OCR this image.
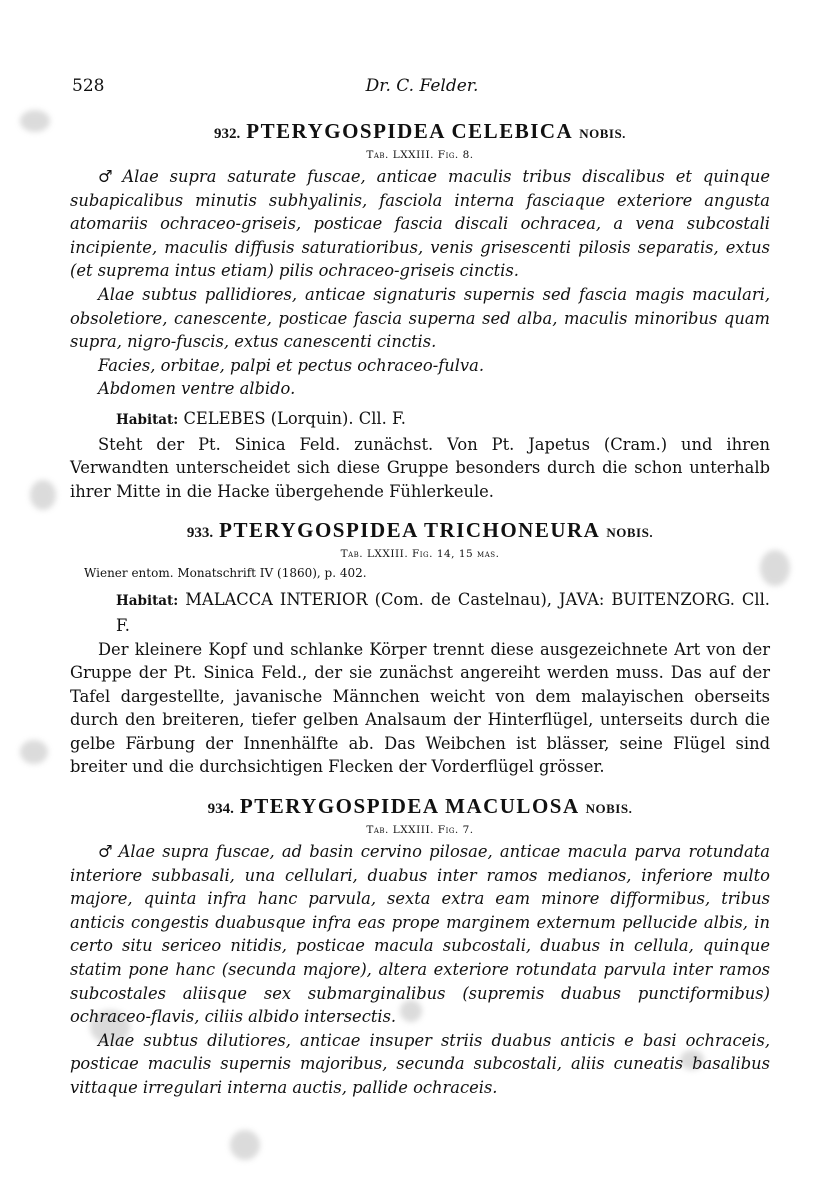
528	Dr. C. Felder.
932. PTERYGOSPIDEA CELEBICA NOBIS.
Tab. LXXIII. Fig. 8.

♂ Alae supra saturate fuscae, anticae maculis tribus discalibus et quinque subapicalibus minutis subhyalinis, fasciola interna fasciaque exteriore angusta atomariis ochraceo-griseis, posticae fascia discali ochracea, a vena subcostali incipiente, maculis diffusis saturatioribus, venis grisescenti pilosis separatis, extus (et suprema intus etiam) pilis ochraceo-griseis cinctis.

Alae subtus pallidiores, anticae signaturis supernis sed fascia magis maculari, obsoletiore, canescente, posticae fascia superna sed alba, maculis minoribus quam supra, nigro-fuscis, extus canescenti cinctis.

Facies, orbitae, palpi et pectus ochraceo-fulva.

Abdomen ventre albido.

Habitat: CELEBES (Lorquin). Cll. F.

Steht der Pt. Sinica Feld. zunächst. Von Pt. Japetus (Cram.) und ihren Verwandten unterscheidet sich diese Gruppe besonders durch die schon unterhalb ihrer Mitte in die Hacke übergehende Fühlerkeule.

933. PTERYGOSPIDEA TRICHONEURA NOBIS.
Tab. LXXIII. Fig. 14, 15 mas.
Wiener entom. Monatschrift IV (1860), p. 402.

Habitat: MALACCA INTERIOR (Com. de Castelnau), JAVA: BUITENZORG. Cll. F.

Der kleinere Kopf und schlanke Körper trennt diese ausgezeichnete Art von der Gruppe der Pt. Sinica Feld., der sie zunächst angereiht werden muss. Das auf der Tafel dargestellte, javanische Männchen weicht von dem malayischen oberseits durch den breiteren, tiefer gelben Analsaum der Hinterflügel, unterseits durch die gelbe Färbung der Innenhälfte ab. Das Weibchen ist blässer, seine Flügel sind breiter und die durchsichtigen Flecken der Vorderflügel grösser.

934. PTERYGOSPIDEA MACULOSA NOBIS.
Tab. LXXIII. Fig. 7.

♂ Alae supra fuscae, ad basin cervino pilosae, anticae macula parva rotundata interiore subbasali, una cellulari, duabus inter ramos medianos, inferiore multo majore, quinta infra hanc parvula, sexta extra eam minore difformibus, tribus anticis congestis duabusque infra eas prope marginem externum pellucide albis, in certo situ sericeo nitidis, posticae macula subcostali, duabus in cellula, quinque statim pone hanc (secunda majore), altera exteriore rotundata parvula inter ramos subcostales aliisque sex submarginalibus (supremis duabus punctiformibus) ochraceo-flavis, ciliis albido intersectis.

Alae subtus dilutiores, anticae insuper striis duabus anticis e basi ochraceis, posticae maculis supernis majoribus, secunda subcostali, aliis cuneatis basalibus vittaque irregulari interna auctis, pallide ochraceis.
